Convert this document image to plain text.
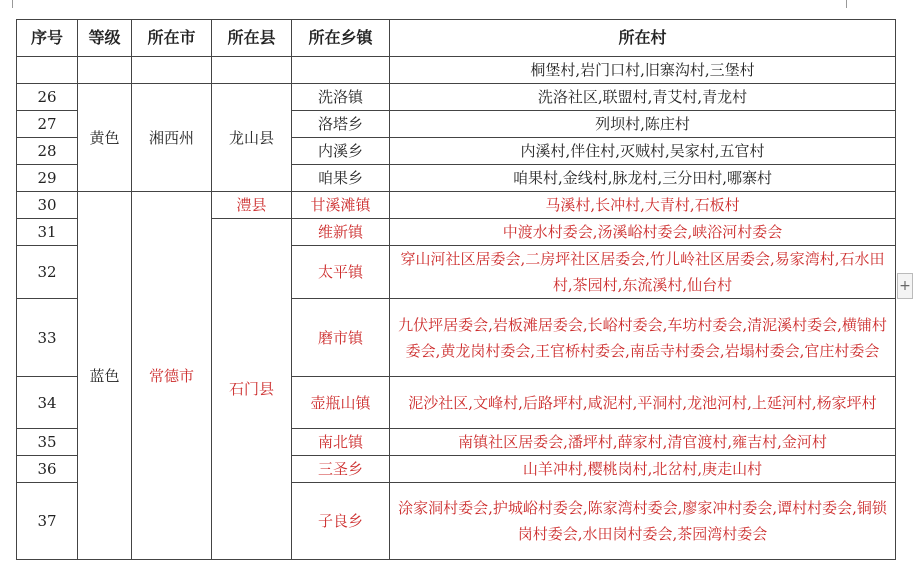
序号	等级	所在市	所在县	所在乡镇	所在村
					桐堡村,岩门口村,旧寨沟村,三堡村
26	黄色	湘西州	龙山县	洗洛镇	洗洛社区,联盟村,青艾村,青龙村
27				洛塔乡	列坝村,陈庄村
28				内溪乡	内溪村,伴住村,灭贼村,吴家村,五官村
29				咱果乡	咱果村,金线村,脉龙村,三分田村,哪寨村
30	蓝色	常德市	澧县	甘溪滩镇	马溪村,长冲村,大青村,石板村
31			石门县	维新镇	中渡水村委会,汤溪峪村委会,峡浴河村委会
32				太平镇	穿山河社区居委会,二房坪社区居委会,竹儿岭社区居委会,易家湾村,石水田村,茶园村,东流溪村,仙台村
33				磨市镇	九伏坪居委会,岩板滩居委会,长峪村委会,车坊村委会,清泥溪村委会,横铺村委会,黄龙岗村委会,王官桥村委会,南岳寺村委会,岩塌村委会,官庄村委会
34				壶瓶山镇	泥沙社区,文峰村,后路坪村,咸泥村,平洞村,龙池河村,上延河村,杨家坪村
35				南北镇	南镇社区居委会,潘坪村,薛家村,清官渡村,雍吉村,金河村
36				三圣乡	山羊冲村,樱桃岗村,北岔村,庚走山村
37				子良乡	涂家洞村委会,护城峪村委会,陈家湾村委会,廖家冲村委会,谭村村委会,铜锁岗村委会,水田岗村委会,茶园湾村委会
+
